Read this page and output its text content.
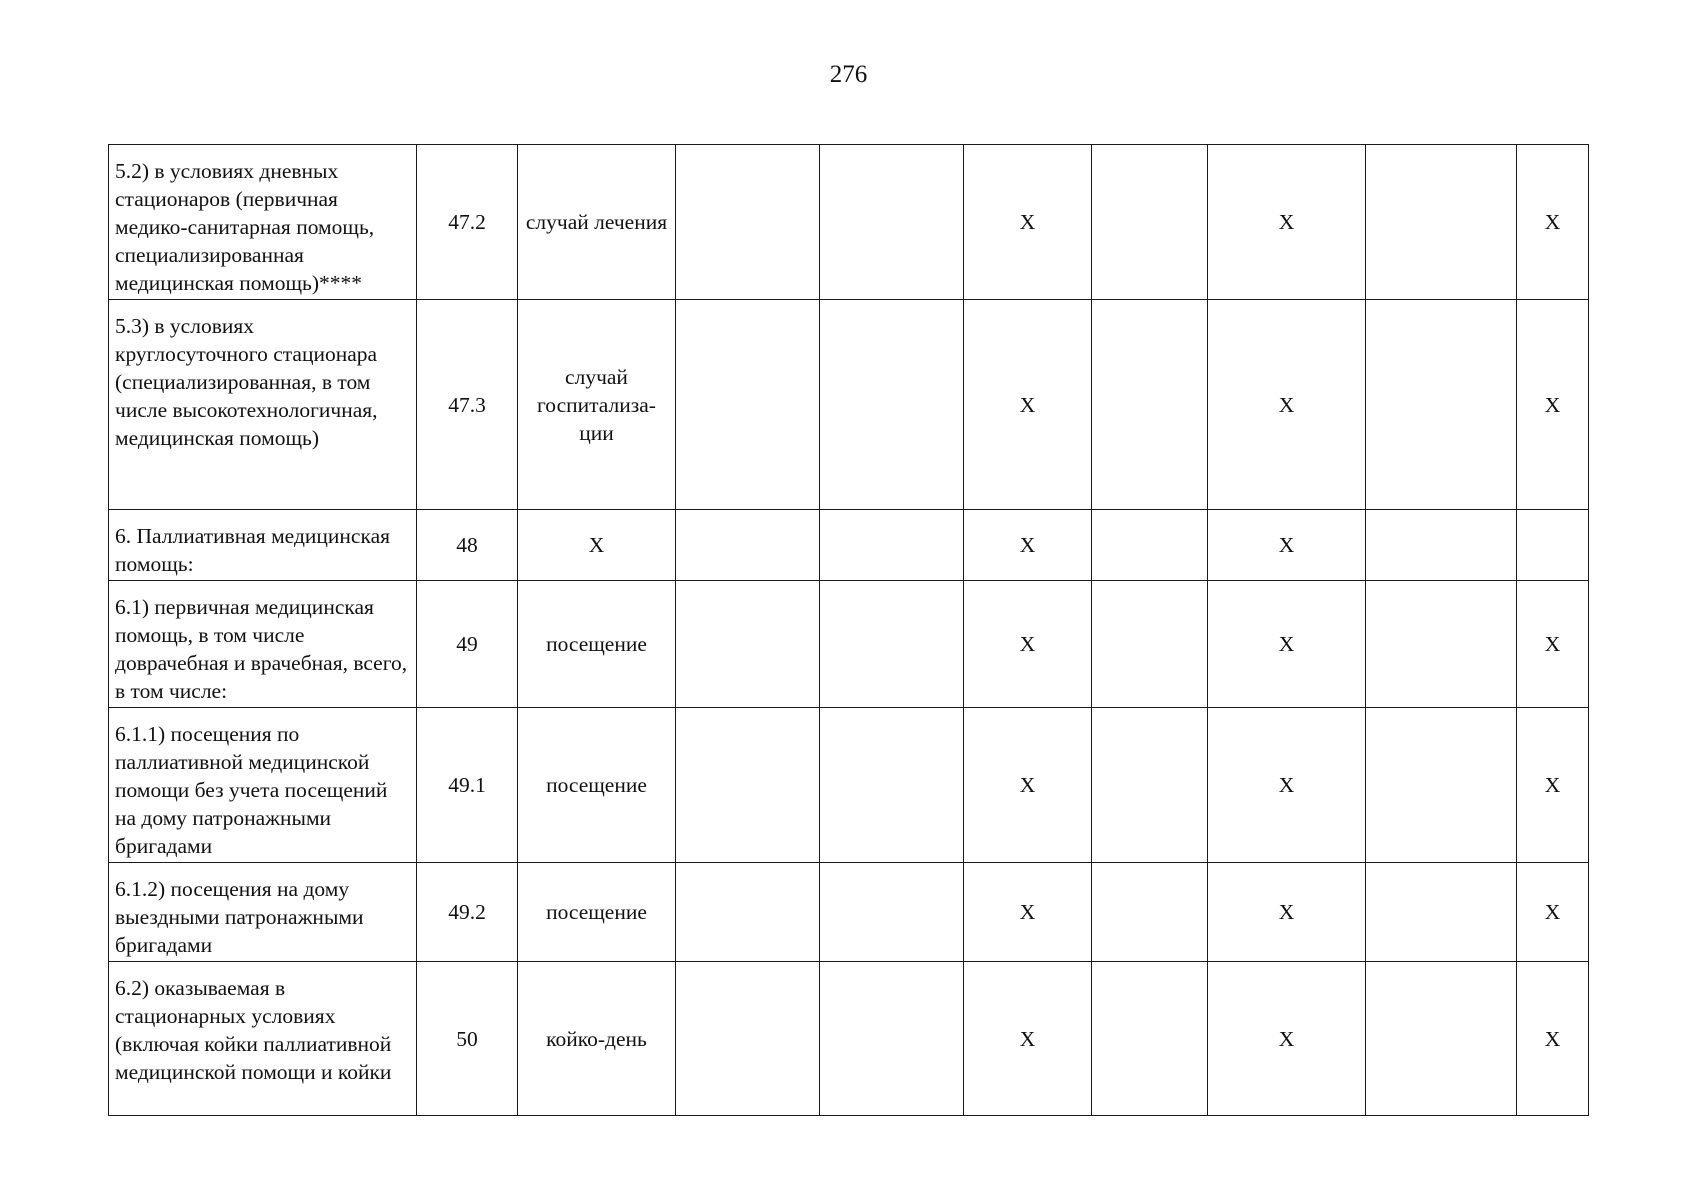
276
5.2) в условиях дневных стационаров (первичная медико-санитарная помощь, специализированная медицинская помощь)****	47.2	случай лечения			X		X		X
5.3) в условиях круглосуточного стационара (специализированная, в том числе высокотехнологичная, медицинская помощь)	47.3	случай госпитализа-ции			X		X		X
6. Паллиативная медицинская помощь:	48	X			X		X		
6.1) первичная медицинская помощь, в том числе доврачебная и врачебная, всего, в том числе:	49	посещение			X		X		X
6.1.1) посещения по паллиативной медицинской помощи без учета посещений на дому патронажными бригадами	49.1	посещение			X		X		X
6.1.2) посещения на дому выездными патронажными бригадами	49.2	посещение			X		X		X
6.2) оказываемая в стационарных условиях (включая койки паллиативной медицинской помощи и койки	50	койко-день			X		X		X
